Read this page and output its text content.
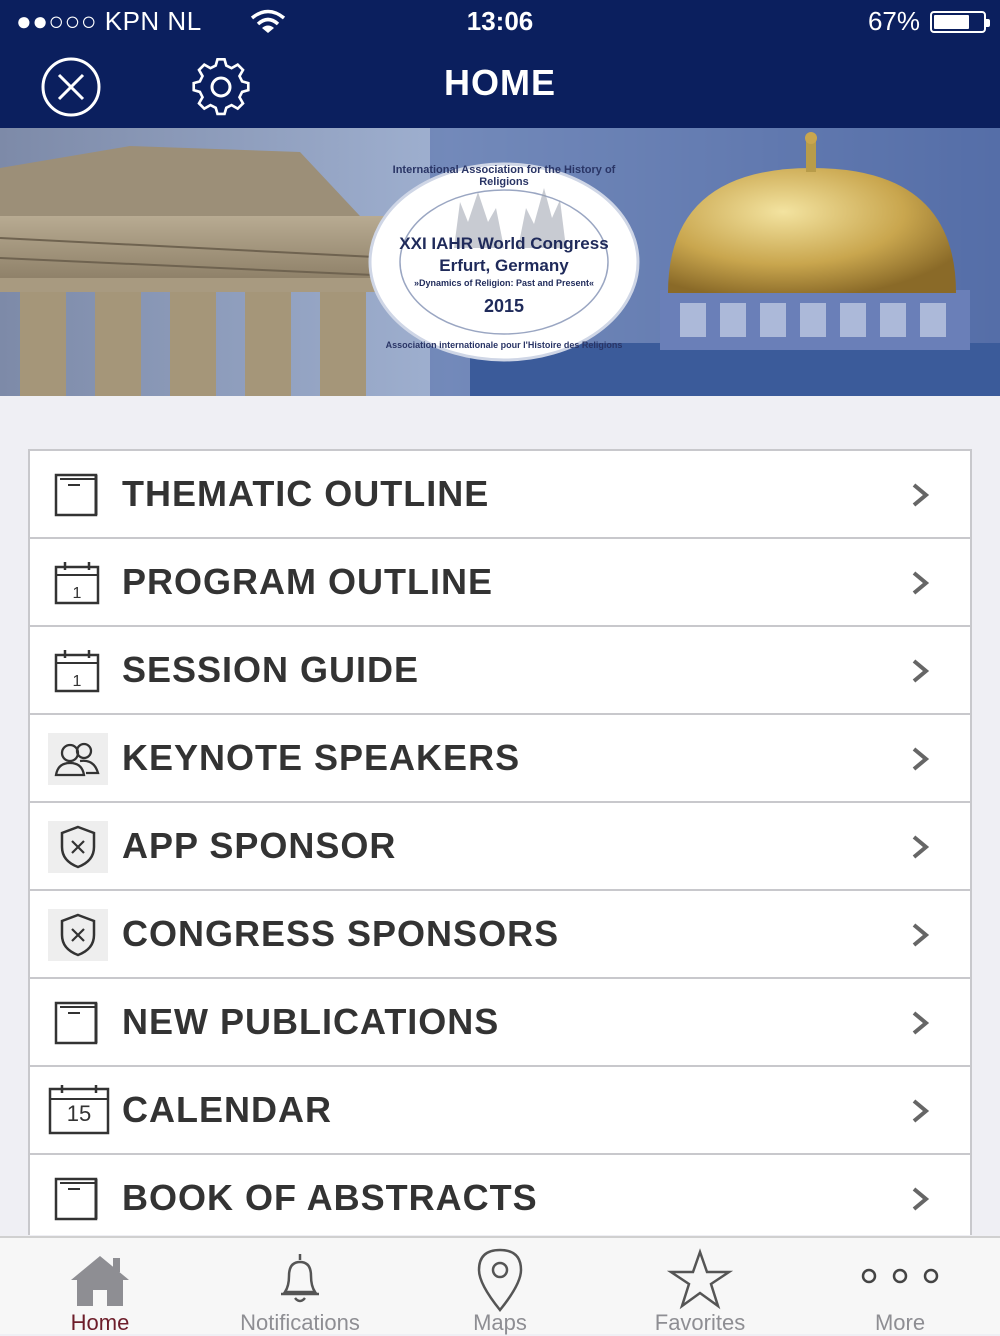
●●○○○ KPN NL	13:06	67%
HOME
International Association for the History of Religions
XXI IAHR World Congress
Erfurt, Germany
»Dynamics of Religion: Past and Present«
2015
Association internationale pour l'Histoire des Religions
THEMATIC OUTLINE
1 PROGRAM OUTLINE
1 SESSION GUIDE
KEYNOTE SPEAKERS
APP SPONSOR
CONGRESS SPONSORS
NEW PUBLICATIONS
15 CALENDAR
BOOK OF ABSTRACTS
Home	Notifications	Maps	Favorites	More
